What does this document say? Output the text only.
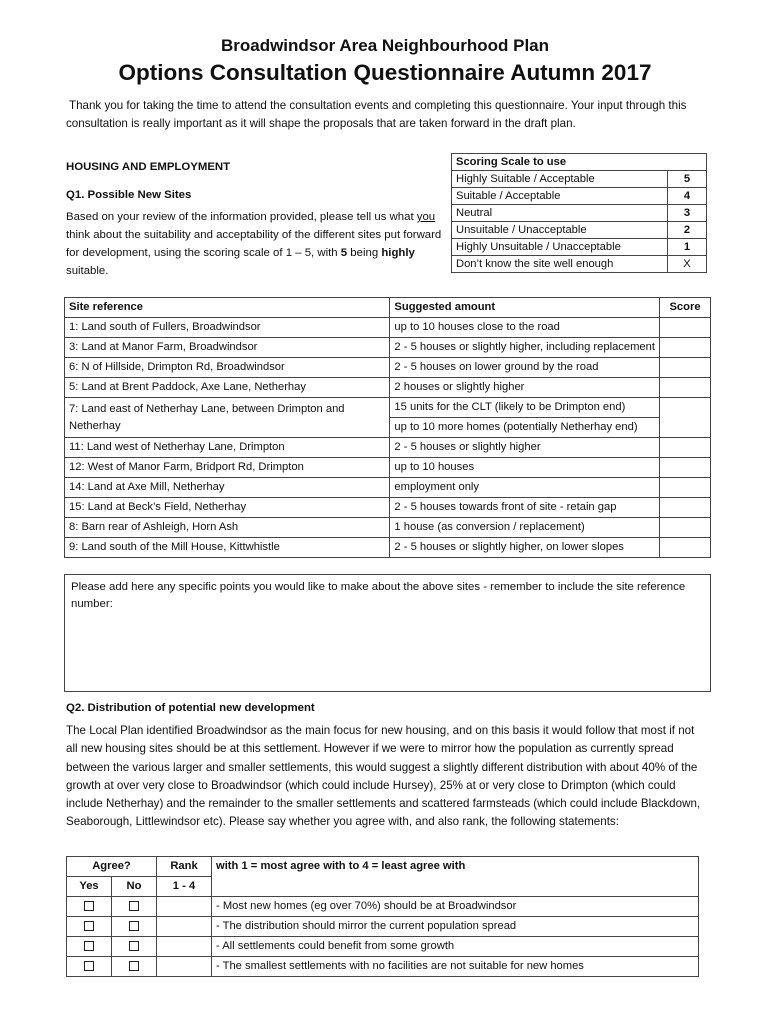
Broadwindsor Area Neighbourhood Plan
Options Consultation Questionnaire Autumn 2017
Thank you for taking the time to attend the consultation events and completing this questionnaire. Your input through this consultation is really important as it will shape the proposals that are taken forward in the draft plan.
HOUSING AND EMPLOYMENT
Q1. Possible New Sites
Based on your review of the information provided, please tell us what you think about the suitability and acceptability of the different sites put forward for development, using the scoring scale of 1 – 5, with 5 being highly suitable.
Scoring Scale to use	
Highly Suitable / Acceptable	5
Suitable / Acceptable	4
Neutral	3
Unsuitable / Unacceptable	2
Highly Unsuitable / Unacceptable	1
Don’t know the site well enough	X
Site reference	Suggested amount	Score
1: Land south of Fullers, Broadwindsor	up to 10 houses close to the road	
3: Land at Manor Farm, Broadwindsor	2 - 5 houses or slightly higher, including replacement	
6: N of Hillside, Drimpton Rd, Broadwindsor	2 - 5 houses on lower ground by the road	
5: Land at Brent Paddock, Axe Lane, Netherhay	2 houses or slightly higher	
7: Land east of Netherhay Lane, between Drimpton and Netherhay	15 units for the CLT (likely to be Drimpton end)	
	up to 10 more homes (potentially Netherhay end)	
11: Land west of Netherhay Lane, Drimpton	2 - 5 houses or slightly higher	
12: West of Manor Farm, Bridport Rd, Drimpton	up to 10 houses	
14: Land at Axe Mill, Netherhay	employment only	
15: Land at Beck’s Field, Netherhay	2 - 5 houses towards front of site - retain gap	
8: Barn rear of Ashleigh, Horn Ash	1 house (as conversion / replacement)	
9: Land south of the Mill House, Kittwhistle	2 - 5 houses or slightly higher, on lower slopes	
Please add here any specific points you would like to make about the above sites - remember to include the site reference number:
Q2. Distribution of potential new development
The Local Plan identified Broadwindsor as the main focus for new housing, and on this basis it would follow that most if not all new housing sites should be at this settlement. However if we were to mirror how the population as currently spread between the various larger and smaller settlements, this would suggest a slightly different distribution with about 40% of the growth at over very close to Broadwindsor (which could include Hursey), 25% at or very close to Drimpton (which could include Netherhay) and the remainder to the smaller settlements and scattered farmsteads (which could include Blackdown, Seaborough, Littlewindsor etc). Please say whether you agree with, and also rank, the following statements:
Agree?		Rank	with 1 = most agree with to 4 = least agree with
Yes	No	1 - 4	
			- Most new homes (eg over 70%) should be at Broadwindsor
			- The distribution should mirror the current population spread
			- All settlements could benefit from some growth
			- The smallest settlements with no facilities are not suitable for new homes
